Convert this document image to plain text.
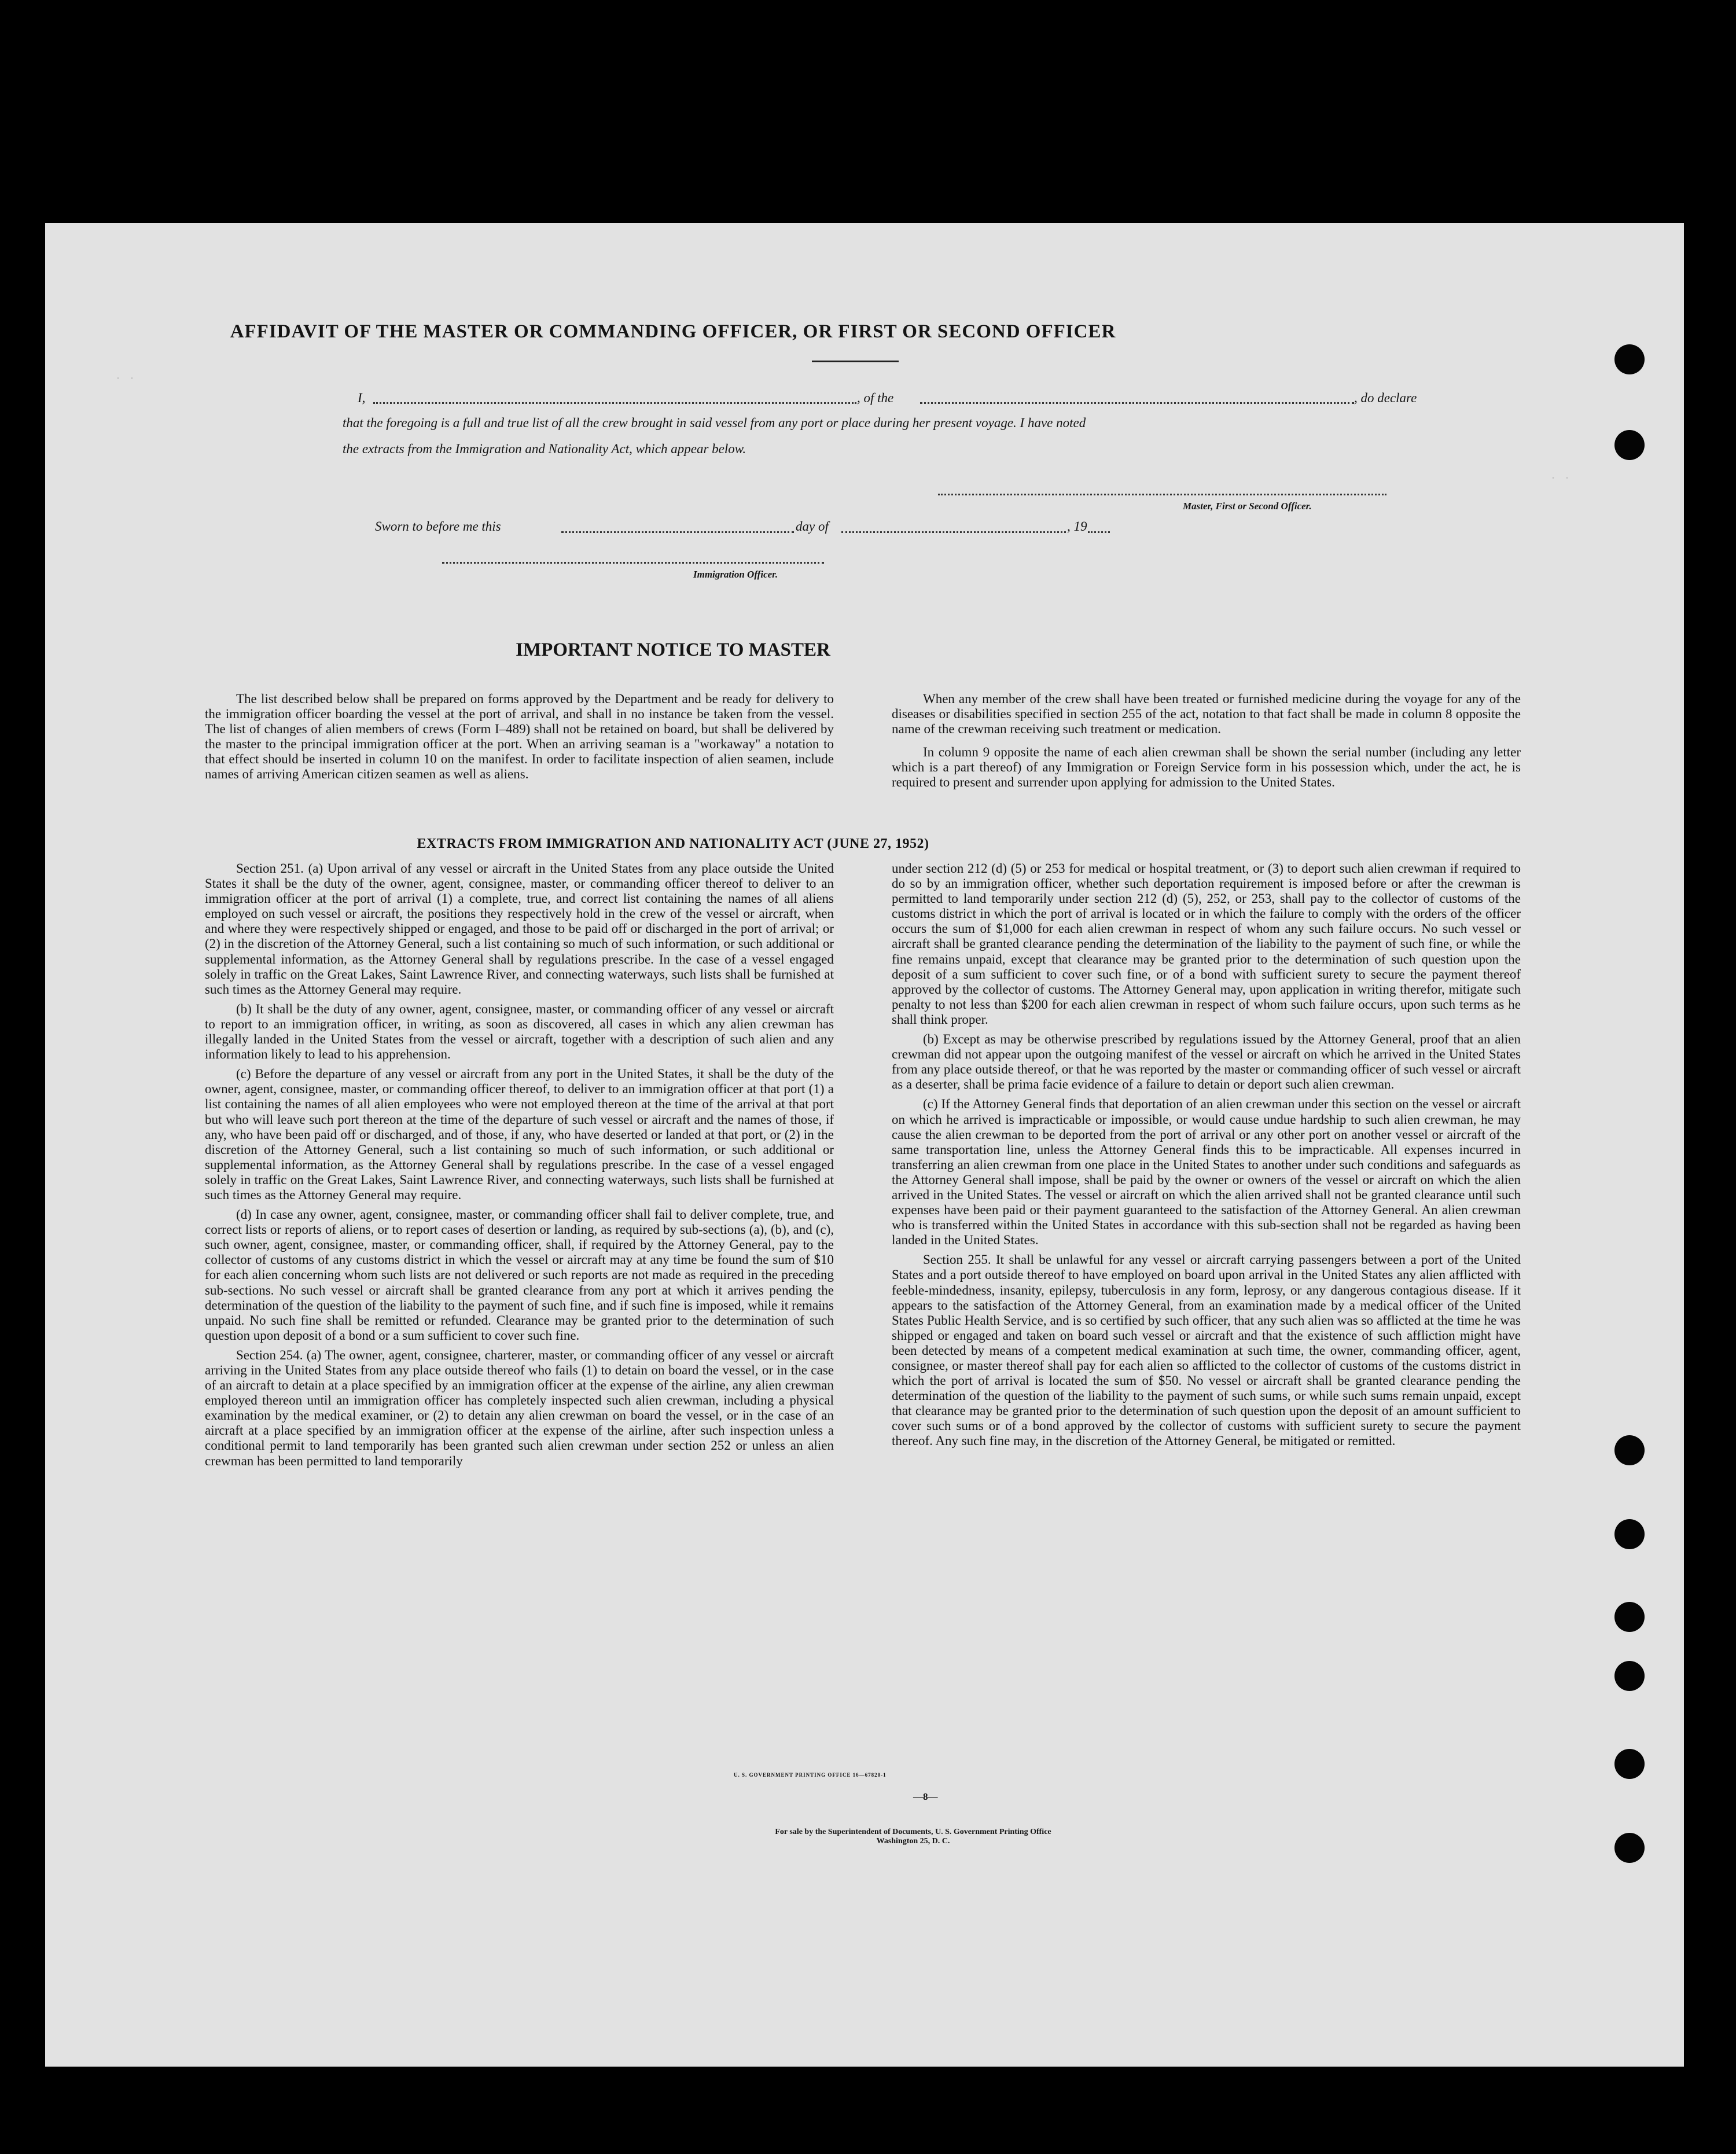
· ·
· ·
AFFIDAVIT OF THE MASTER OR COMMANDING OFFICER, OR FIRST OR SECOND OFFICER
I,	, of the	, do declare
that the foregoing is a full and true list of all the crew brought in said vessel from any port or place during her present voyage. I have noted
the extracts from the Immigration and Nationality Act, which appear below.
Master, First or Second Officer.
Sworn to before me this	day of	, 19
Immigration Officer.
IMPORTANT NOTICE TO MASTER

The list described below shall be prepared on forms approved by the Department and be ready for delivery to the immigration officer boarding the vessel at the port of arrival, and shall in no instance be taken from the vessel. The list of changes of alien members of crews (Form I–489) shall not be retained on board, but shall be delivered by the master to the principal immigration officer at the port. When an arriving seaman is a "workaway" a notation to that effect should be inserted in column 10 on the manifest. In order to facilitate inspection of alien seamen, include names of arriving American citizen seamen as well as aliens.

When any member of the crew shall have been treated or furnished medicine during the voyage for any of the diseases or disabilities specified in section 255 of the act, notation to that fact shall be made in column 8 opposite the name of the crewman receiving such treatment or medication.

In column 9 opposite the name of each alien crewman shall be shown the serial number (including any letter which is a part thereof) of any Immigration or Foreign Service form in his possession which, under the act, he is required to present and surrender upon applying for admission to the United States.

EXTRACTS FROM IMMIGRATION AND NATIONALITY ACT (JUNE 27, 1952)

Section 251. (a) Upon arrival of any vessel or aircraft in the United States from any place outside the United States it shall be the duty of the owner, agent, consignee, master, or commanding officer thereof to deliver to an immigration officer at the port of arrival (1) a complete, true, and correct list containing the names of all aliens employed on such vessel or aircraft, the positions they respectively hold in the crew of the vessel or aircraft, when and where they were respectively shipped or engaged, and those to be paid off or discharged in the port of arrival; or (2) in the discretion of the Attorney General, such a list containing so much of such information, or such additional or supplemental information, as the Attorney General shall by regulations prescribe. In the case of a vessel engaged solely in traffic on the Great Lakes, Saint Lawrence River, and connecting waterways, such lists shall be furnished at such times as the Attorney General may require.

(b) It shall be the duty of any owner, agent, consignee, master, or commanding officer of any vessel or aircraft to report to an immigration officer, in writing, as soon as discovered, all cases in which any alien crewman has illegally landed in the United States from the vessel or aircraft, together with a description of such alien and any information likely to lead to his apprehension.

(c) Before the departure of any vessel or aircraft from any port in the United States, it shall be the duty of the owner, agent, consignee, master, or commanding officer thereof, to deliver to an immigration officer at that port (1) a list containing the names of all alien employees who were not employed thereon at the time of the arrival at that port but who will leave such port thereon at the time of the departure of such vessel or aircraft and the names of those, if any, who have been paid off or discharged, and of those, if any, who have deserted or landed at that port, or (2) in the discretion of the Attorney General, such a list containing so much of such information, or such additional or supplemental information, as the Attorney General shall by regulations prescribe. In the case of a vessel engaged solely in traffic on the Great Lakes, Saint Lawrence River, and connecting waterways, such lists shall be furnished at such times as the Attorney General may require.

(d) In case any owner, agent, consignee, master, or commanding officer shall fail to deliver complete, true, and correct lists or reports of aliens, or to report cases of desertion or landing, as required by sub-sections (a), (b), and (c), such owner, agent, consignee, master, or commanding officer, shall, if required by the Attorney General, pay to the collector of customs of any customs district in which the vessel or aircraft may at any time be found the sum of $10 for each alien concerning whom such lists are not delivered or such reports are not made as required in the preceding sub-sections. No such vessel or aircraft shall be granted clearance from any port at which it arrives pending the determination of the question of the liability to the payment of such fine, and if such fine is imposed, while it remains unpaid. No such fine shall be remitted or refunded. Clearance may be granted prior to the determination of such question upon deposit of a bond or a sum sufficient to cover such fine.

Section 254. (a) The owner, agent, consignee, charterer, master, or commanding officer of any vessel or aircraft arriving in the United States from any place outside thereof who fails (1) to detain on board the vessel, or in the case of an aircraft to detain at a place specified by an immigration officer at the expense of the airline, any alien crewman employed thereon until an immigration officer has completely inspected such alien crewman, including a physical examination by the medical examiner, or (2) to detain any alien crewman on board the vessel, or in the case of an aircraft at a place specified by an immigration officer at the expense of the airline, after such inspection unless a conditional permit to land temporarily has been granted such alien crewman under section 252 or unless an alien crewman has been permitted to land temporarily

under section 212 (d) (5) or 253 for medical or hospital treatment, or (3) to deport such alien crewman if required to do so by an immigration officer, whether such deportation requirement is imposed before or after the crewman is permitted to land temporarily under section 212 (d) (5), 252, or 253, shall pay to the collector of customs of the customs district in which the port of arrival is located or in which the failure to comply with the orders of the officer occurs the sum of $1,000 for each alien crewman in respect of whom any such failure occurs. No such vessel or aircraft shall be granted clearance pending the determination of the liability to the payment of such fine, or while the fine remains unpaid, except that clearance may be granted prior to the determination of such question upon the deposit of a sum sufficient to cover such fine, or of a bond with sufficient surety to secure the payment thereof approved by the collector of customs. The Attorney General may, upon application in writing therefor, mitigate such penalty to not less than $200 for each alien crewman in respect of whom such failure occurs, upon such terms as he shall think proper.

(b) Except as may be otherwise prescribed by regulations issued by the Attorney General, proof that an alien crewman did not appear upon the outgoing manifest of the vessel or aircraft on which he arrived in the United States from any place outside thereof, or that he was reported by the master or commanding officer of such vessel or aircraft as a deserter, shall be prima facie evidence of a failure to detain or deport such alien crewman.

(c) If the Attorney General finds that deportation of an alien crewman under this section on the vessel or aircraft on which he arrived is impracticable or impossible, or would cause undue hardship to such alien crewman, he may cause the alien crewman to be deported from the port of arrival or any other port on another vessel or aircraft of the same transportation line, unless the Attorney General finds this to be impracticable. All expenses incurred in transferring an alien crewman from one place in the United States to another under such conditions and safeguards as the Attorney General shall impose, shall be paid by the owner or owners of the vessel or aircraft on which the alien arrived in the United States. The vessel or aircraft on which the alien arrived shall not be granted clearance until such expenses have been paid or their payment guaranteed to the satisfaction of the Attorney General. An alien crewman who is transferred within the United States in accordance with this sub-section shall not be regarded as having been landed in the United States.

Section 255. It shall be unlawful for any vessel or aircraft carrying passengers between a port of the United States and a port outside thereof to have employed on board upon arrival in the United States any alien afflicted with feeble-mindedness, insanity, epilepsy, tuberculosis in any form, leprosy, or any dangerous contagious disease. If it appears to the satisfaction of the Attorney General, from an examination made by a medical officer of the United States Public Health Service, and is so certified by such officer, that any such alien was so afflicted at the time he was shipped or engaged and taken on board such vessel or aircraft and that the existence of such affliction might have been detected by means of a competent medical examination at such time, the owner, commanding officer, agent, consignee, or master thereof shall pay for each alien so afflicted to the collector of customs of the customs district in which the port of arrival is located the sum of $50. No vessel or aircraft shall be granted clearance pending the determination of the question of the liability to the payment of such sums, or while such sums remain unpaid, except that clearance may be granted prior to the determination of such question upon the deposit of an amount sufficient to cover such sums or of a bond approved by the collector of customs with sufficient surety to secure the payment thereof. Any such fine may, in the discretion of the Attorney General, be mitigated or remitted.

U. S. GOVERNMENT PRINTING OFFICE 16—67820-1
—8—
For sale by the Superintendent of Documents, U. S. Government Printing Office
Washington 25, D. C.
